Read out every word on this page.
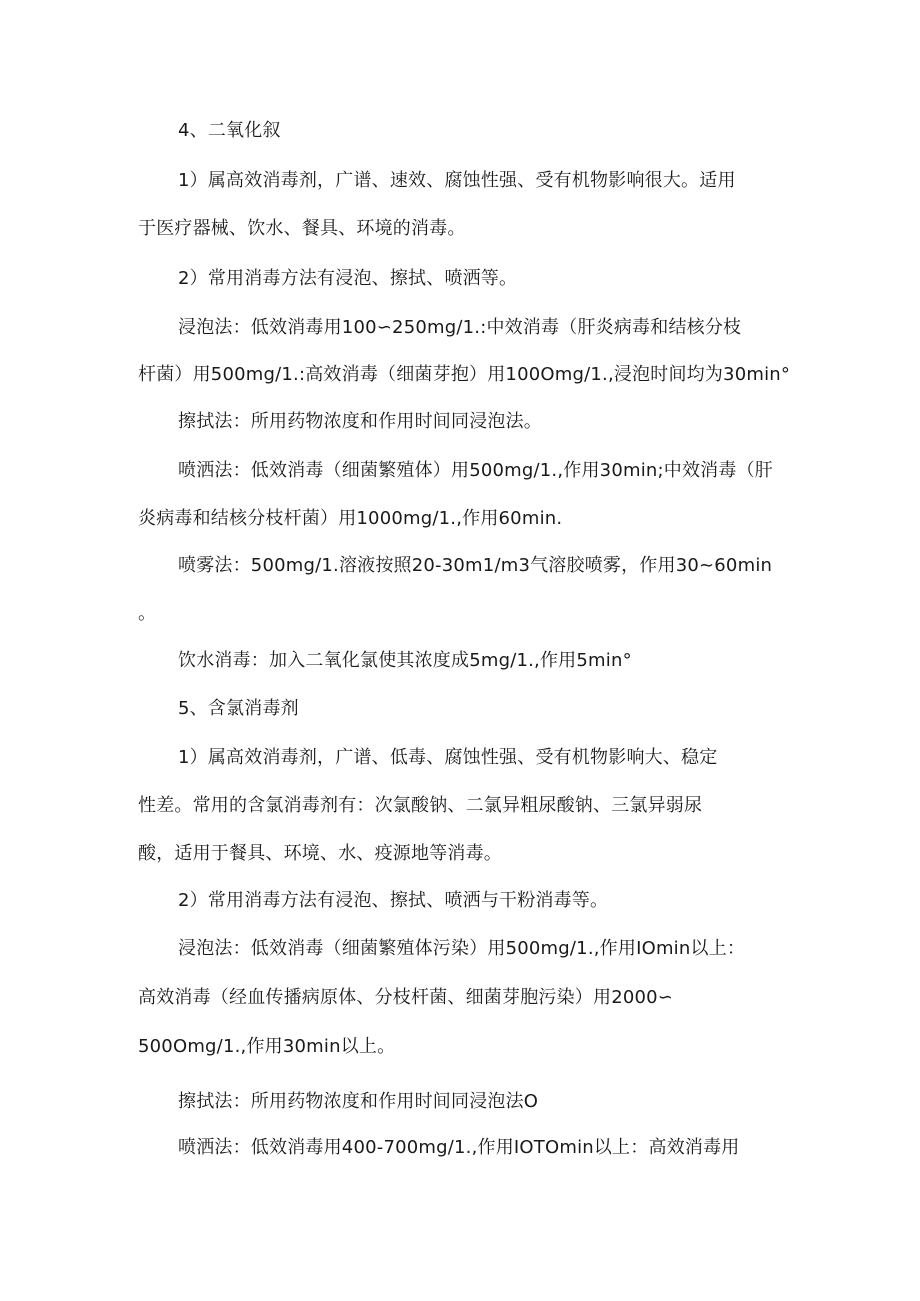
4、二氧化叙
1）属高效消毒剂，广谱、速效、腐蚀性强、受有机物影响很大。适用
于医疗器械、饮水、餐具、环境的消毒。
2）常用消毒方法有浸泡、擦拭、喷洒等。
浸泡法：低效消毒用100∽250mg∕1.:中效消毒（肝炎病毒和结核分枝
杆菌）用500mg∕1.:高效消毒（细菌芽抱）用100Omg/1.,浸泡时间均为30min°
擦拭法：所用药物浓度和作用时间同浸泡法。
喷洒法：低效消毒（细菌繁殖体）用500mg∕1.,作用30min;中效消毒（肝
炎病毒和结核分枝杆菌）用1000mg∕1.,作用60min.
喷雾法：500mg∕1.溶液按照20-30m1∕m3气溶胶喷雾，作用30~60min
。
饮水消毒：加入二氧化氯使其浓度成5mg∕1.,作用5min°
5、含氯消毒剂
1）属高效消毒剂，广谱、低毒、腐蚀性强、受有机物影响大、稳定
性差。常用的含氯消毒剂有：次氯酸钠、二氯异粗尿酸钠、三氯异弱尿
酸，适用于餐具、环境、水、疫源地等消毒。
2）常用消毒方法有浸泡、擦拭、喷洒与干粉消毒等。
浸泡法：低效消毒（细菌繁殖体污染）用500mg∕1.,作用IOmin以上：
高效消毒（经血传播病原体、分枝杆菌、细菌芽胞污染）用2000∽
500Omg/1.,作用30min以上。
擦拭法：所用药物浓度和作用时间同浸泡法O
喷洒法：低效消毒用400-700mg∕1.,作用IOTOmin以上：高效消毒用
